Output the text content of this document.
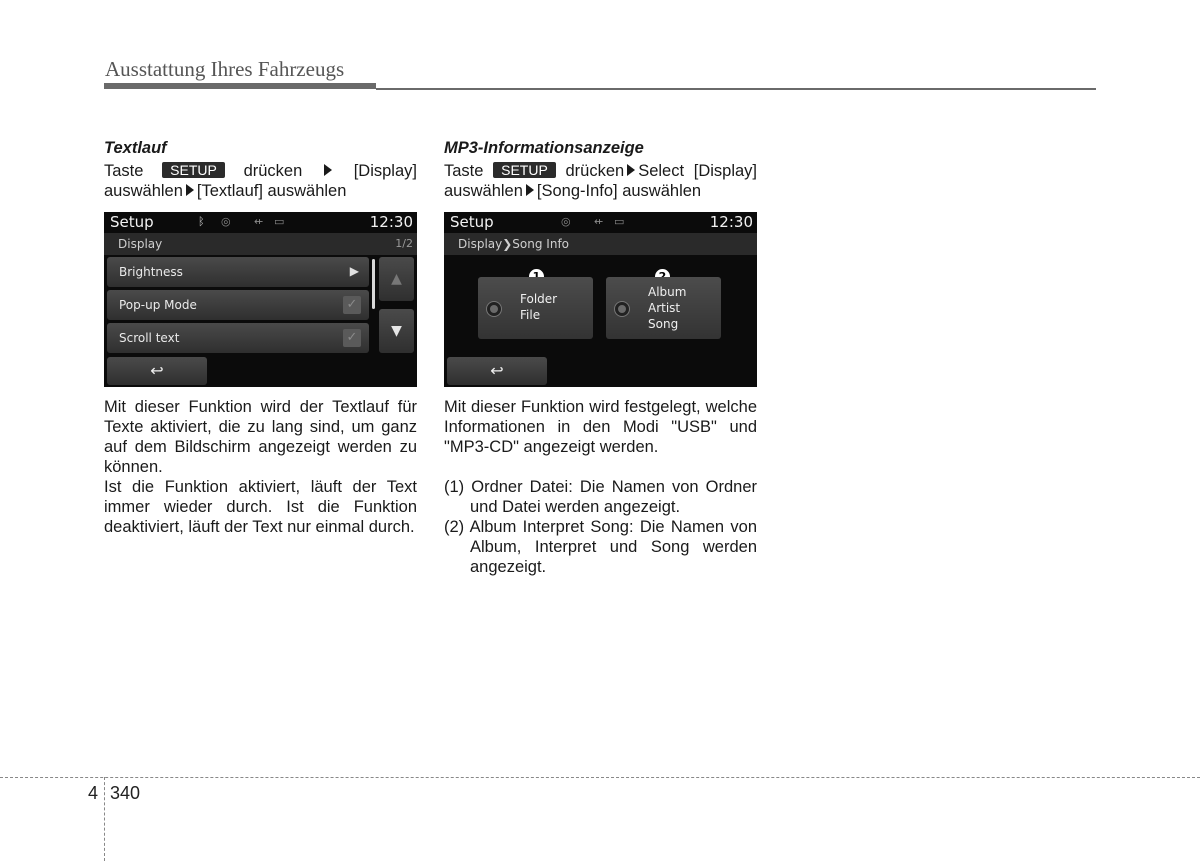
Ausstattung Ihres Fahrzeugs
Textlauf
Taste SETUP drücken	[Display]
auswählen [Textlauf] auswählen
Setup	ᛒ ◎ ⇷ ▭	12:30
Display	1/2
Brightness	▶
Pop-up Mode	✓
Scroll text	✓
▲
▼
↩

Mit dieser Funktion wird der Textlauf für Texte aktiviert, die zu lang sind, um ganz auf dem Bildschirm angezeigt werden zu können.

Ist die Funktion aktiviert, läuft der Text immer wieder durch. Ist die Funktion deaktiviert, läuft der Text nur einmal durch.

MP3-Informationsanzeige
Taste SETUP drücken Select [Display]
auswählen [Song-Info] auswählen
Setup	◎ ⇷ ▭	12:30
Display❯Song Info
Folder
File
Album
Artist
Song
↩

Mit dieser Funktion wird festgelegt, welche Informationen in den Modi "USB" und "MP3-CD" angezeigt werden.

(1) Ordner Datei: Die Namen von Ordner und Datei werden angezeigt.

(2) Album Interpret Song: Die Namen von Album, Interpret und Song werden angezeigt.

4 340
